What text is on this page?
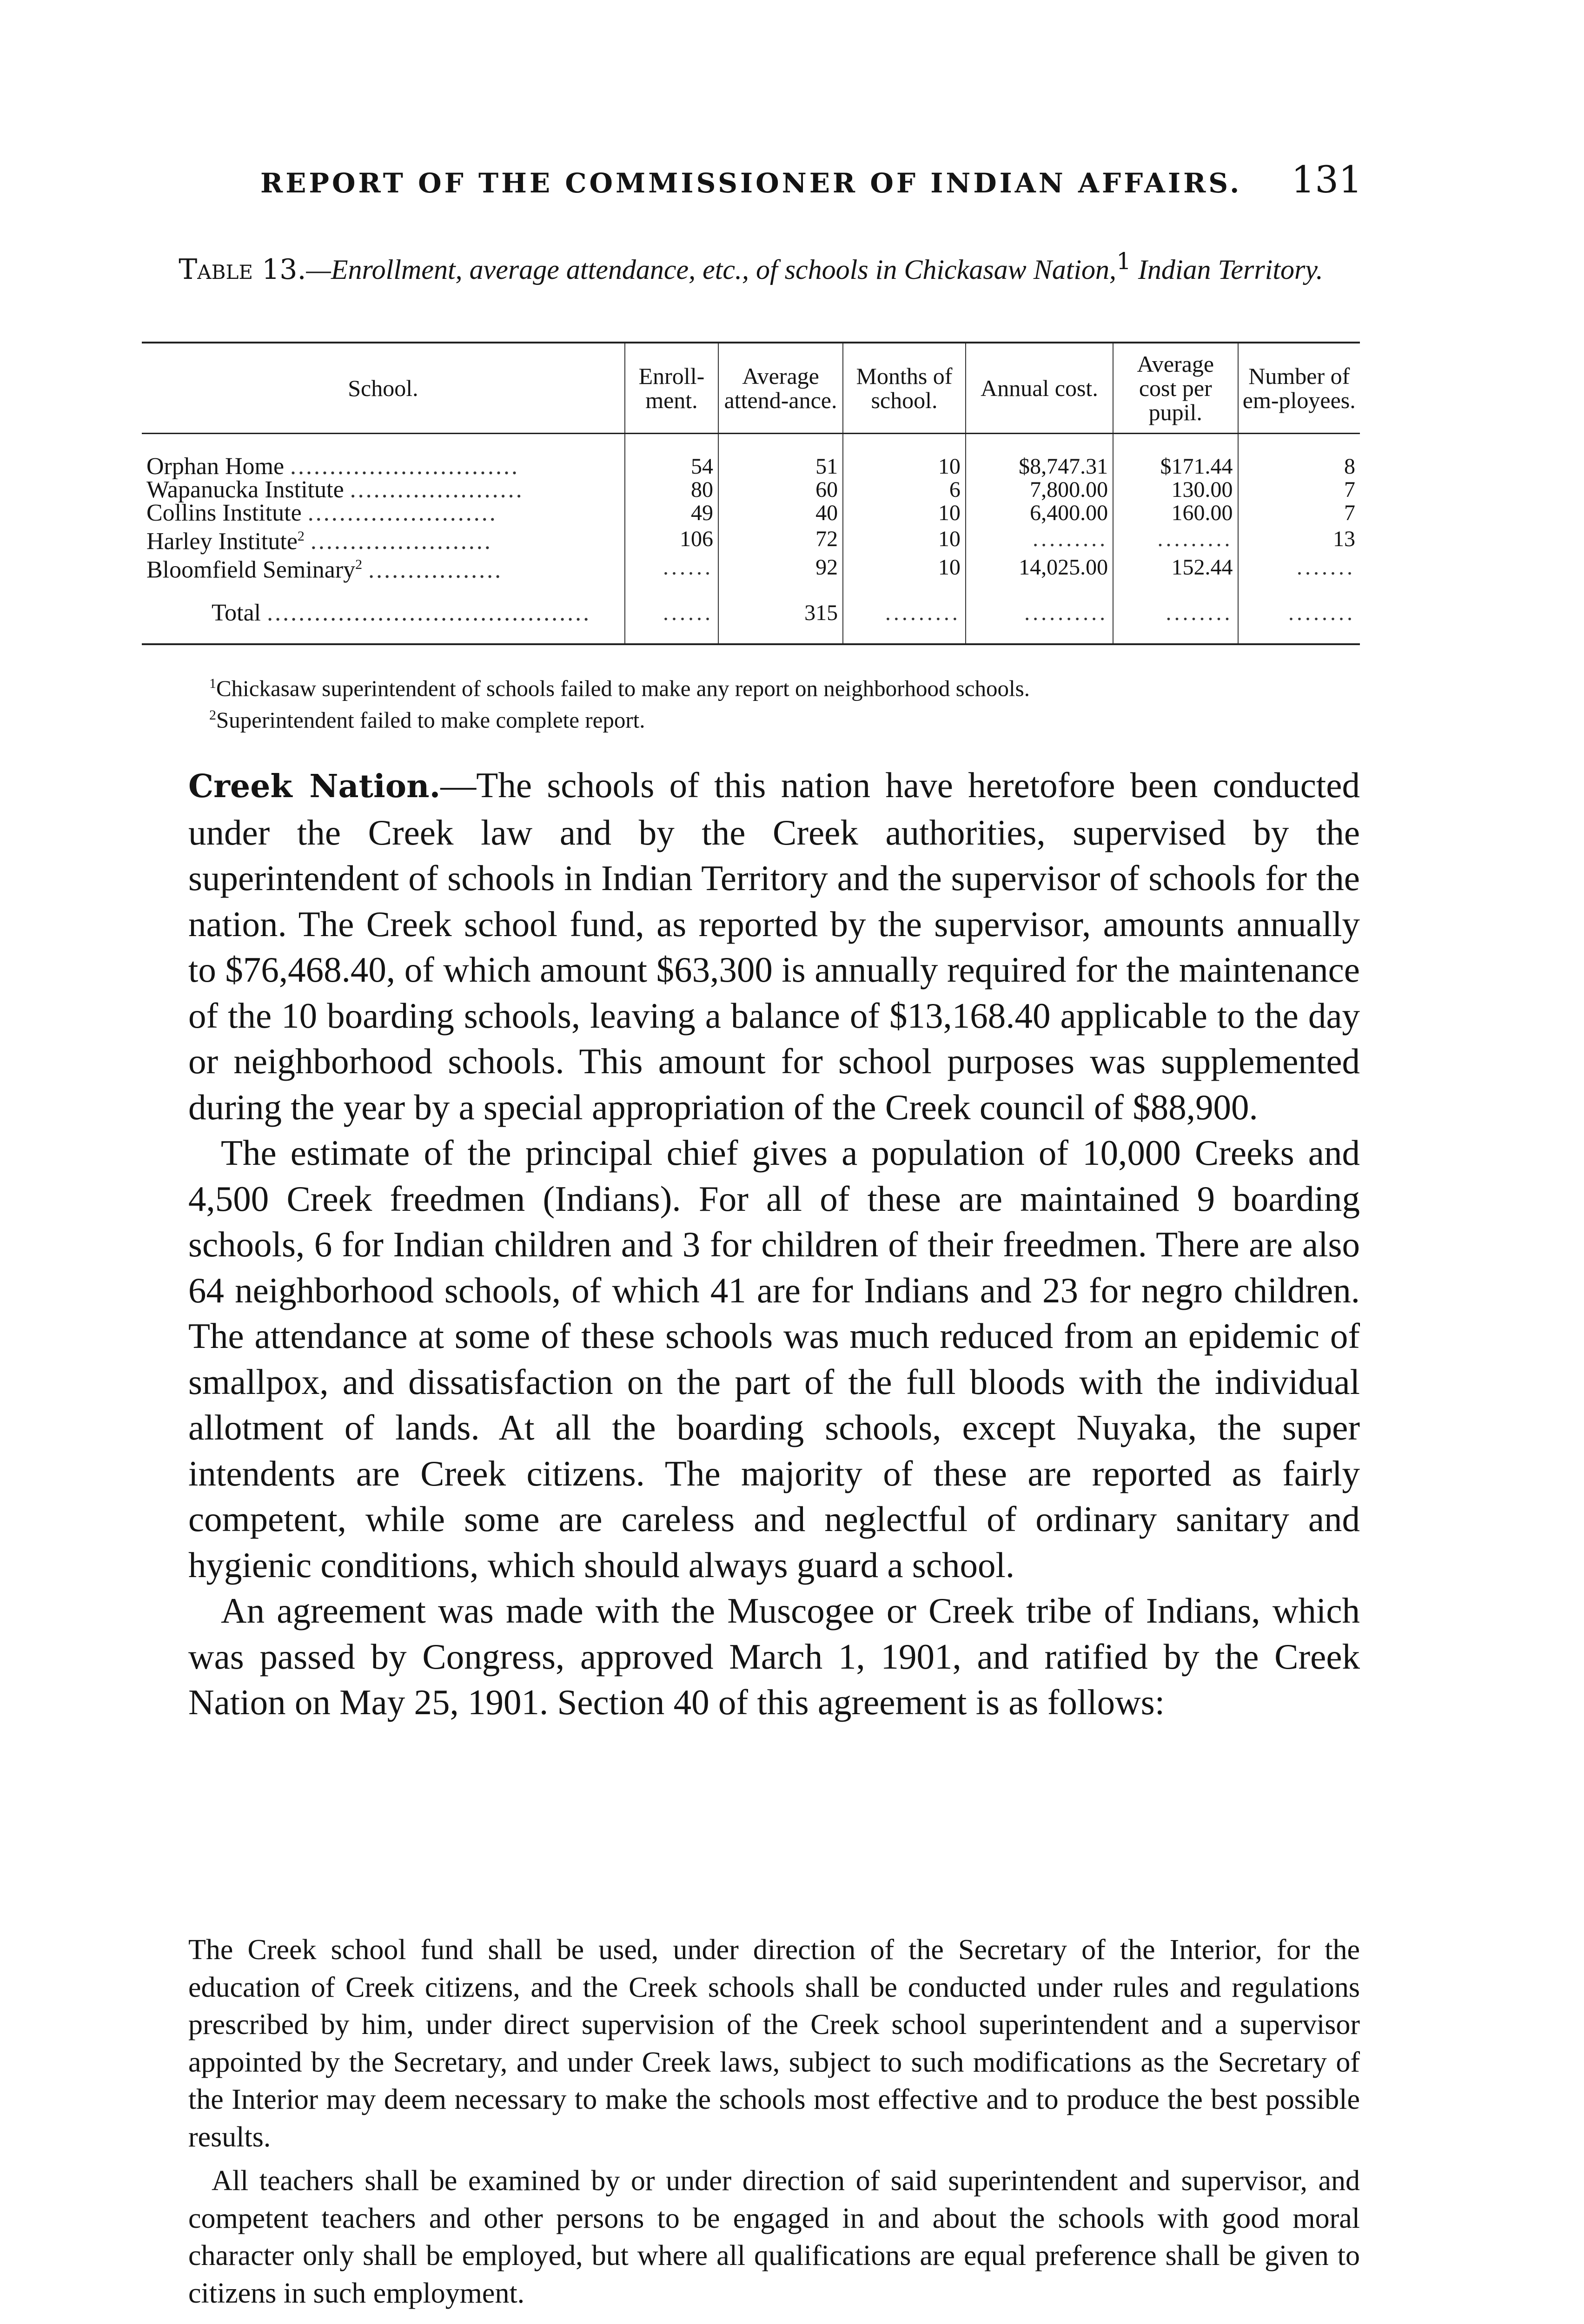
REPORT OF THE COMMISSIONER OF INDIAN AFFAIRS. 131
Table 13.—Enrollment, average attendance, etc., of schools in Chickasaw Nation,$^1$ Indian Territory.
School.	Enroll-ment.	Average attend-ance.	Months of school.	Annual cost.	Average cost per pupil.	Number of em-ployees.
Orphan Home .............................	54	51	10	$8,747.31	$171.44	8
Wapanucka Institute ......................	80	60	6	7,800.00	130.00	7
Collins Institute ........................	49	40	10	6,400.00	160.00	7
Harley Institute$^2$ .......................	106	72	10	.........	.........	13
Bloomfield Seminary$^2$ .................	......	92	10	14,025.00	152.44	.......
Total .........................................	......	315	.........	..........	........	........
$^1$Chickasaw superintendent of schools failed to make any report on neighborhood schools.
$^2$Superintendent failed to make complete report.

Creek Nation.—The schools of this nation have heretofore been conducted under the Creek law and by the Creek authorities, supervised by the superintendent of schools in Indian Territory and the supervisor of schools for the nation. The Creek school fund, as reported by the supervisor, amounts annually to $76,468.40, of which amount $63,300 is annually required for the maintenance of the 10 boarding schools, leaving a balance of $13,168.40 applicable to the day or neighborhood schools. This amount for school purposes was supplemented during the year by a special appropriation of the Creek council of $88,900.

The estimate of the principal chief gives a population of 10,000 Creeks and 4,500 Creek freedmen (Indians). For all of these are maintained 9 boarding schools, 6 for Indian children and 3 for children of their freedmen. There are also 64 neighborhood schools, of which 41 are for Indians and 23 for negro children. The attendance at some of these schools was much reduced from an epidemic of smallpox, and dissatisfaction on the part of the full bloods with the individual allotment of lands. At all the boarding schools, except Nuyaka, the super intendents are Creek citizens. The majority of these are reported as fairly competent, while some are careless and neglectful of ordinary sanitary and hygienic conditions, which should always guard a school.

An agreement was made with the Muscogee or Creek tribe of Indians, which was passed by Congress, approved March 1, 1901, and ratified by the Creek Nation on May 25, 1901. Section 40 of this agreement is as follows:

The Creek school fund shall be used, under direction of the Secretary of the Interior, for the education of Creek citizens, and the Creek schools shall be conducted under rules and regulations prescribed by him, under direct supervision of the Creek school superintendent and a supervisor appointed by the Secretary, and under Creek laws, subject to such modifications as the Secretary of the Interior may deem necessary to make the schools most effective and to produce the best possible results.

All teachers shall be examined by or under direction of said superintendent and supervisor, and competent teachers and other persons to be engaged in and about the schools with good moral character only shall be employed, but where all qualifications are equal preference shall be given to citizens in such employment.
